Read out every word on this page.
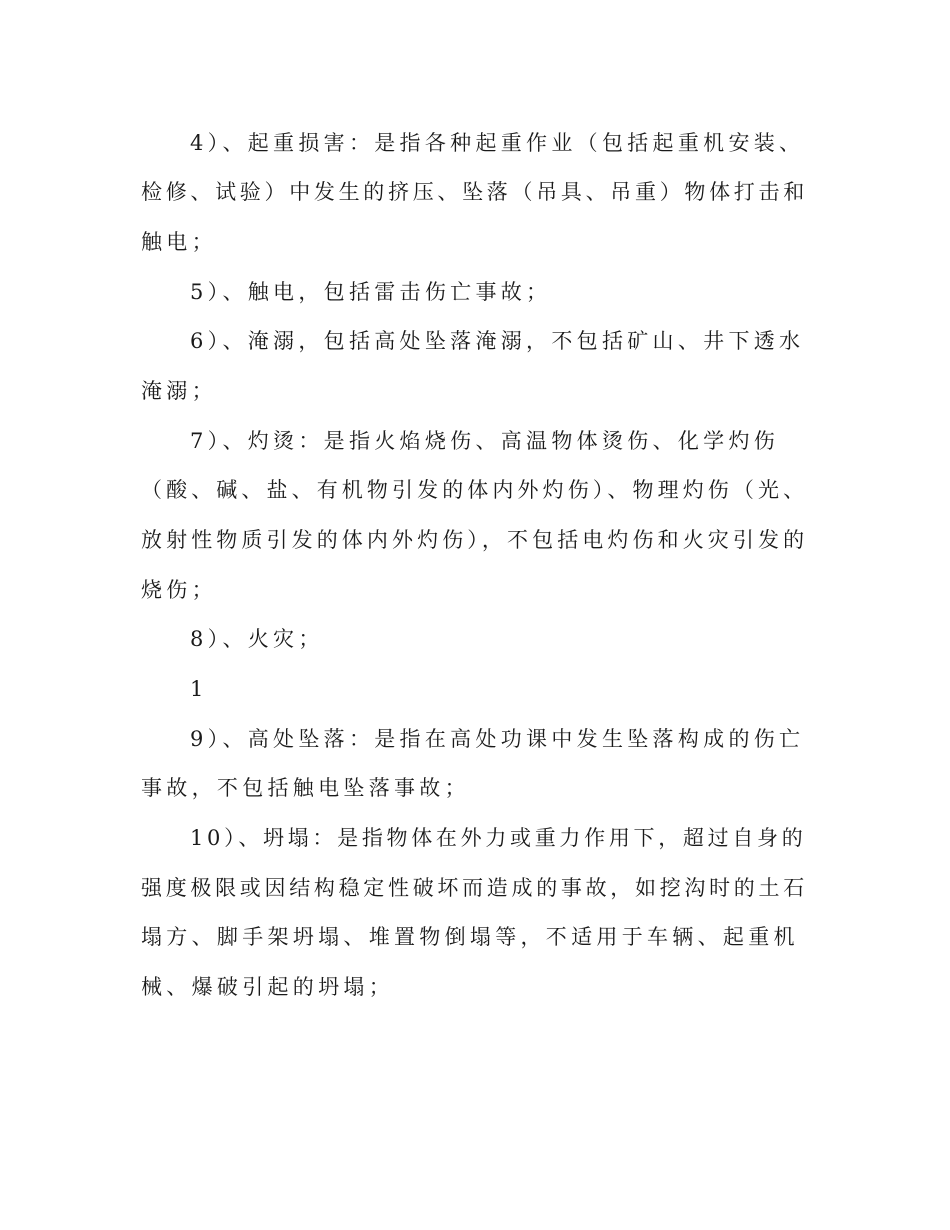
4）、起重损害：是指各种起重作业（包括起重机安装、
检修、试验）中发生的挤压、坠落（吊具、吊重）物体打击和
触电；
5）、触电，包括雷击伤亡事故；
6）、淹溺，包括高处坠落淹溺，不包括矿山、井下透水
淹溺；
7）、灼烫：是指火焰烧伤、高温物体烫伤、化学灼伤
（酸、碱、盐、有机物引发的体内外灼伤）、物理灼伤（光、
放射性物质引发的体内外灼伤），不包括电灼伤和火灾引发的
烧伤；
8）、火灾；
1
9）、高处坠落：是指在高处功课中发生坠落构成的伤亡
事故，不包括触电坠落事故；
10）、坍塌：是指物体在外力或重力作用下，超过自身的
强度极限或因结构稳定性破坏而造成的事故，如挖沟时的土石
塌方、脚手架坍塌、堆置物倒塌等，不适用于车辆、起重机
械、爆破引起的坍塌；
